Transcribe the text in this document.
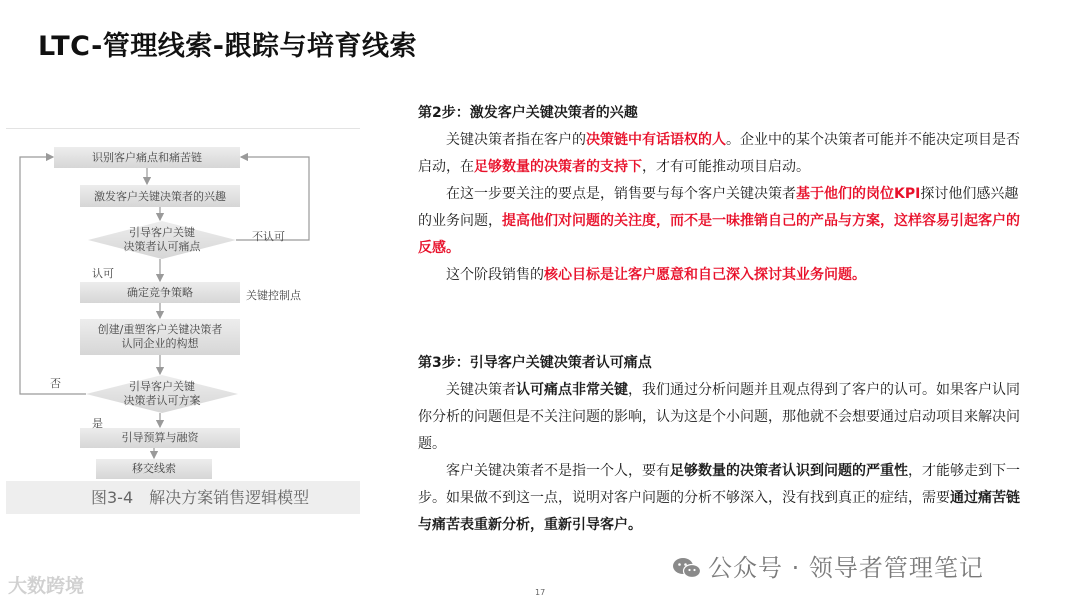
LTC-管理线索-跟踪与培育线索
识别客户痛点和痛苦链
激发客户关键决策者的兴趣
引导客户关键
决策者认可痛点
确定竞争策略
创建/重塑客户关键决策者
认同企业的构想
引导客户关键
决策者认可方案
引导预算与融资
移交线索
不认可
认可
关键控制点
否
是
图3-4　解决方案销售逻辑模型

第2步：激发客户关键决策者的兴趣

关键决策者指在客户的决策链中有话语权的人。企业中的某个决策者可能并不能决定项目是否启动，在足够数量的决策者的支持下，才有可能推动项目启动。

在这一步要关注的要点是，销售要与每个客户关键决策者基于他们的岗位KPI探讨他们感兴趣的业务问题，提高他们对问题的关注度，而不是一味推销自己的产品与方案，这样容易引起客户的反感。

这个阶段销售的核心目标是让客户愿意和自己深入探讨其业务问题。

第3步：引导客户关键决策者认可痛点

关键决策者认可痛点非常关键，我们通过分析问题并且观点得到了客户的认可。如果客户认同你分析的问题但是不关注问题的影响，认为这是个小问题，那他就不会想要通过启动项目来解决问题。

客户关键决策者不是指一个人，要有足够数量的决策者认识到问题的严重性，才能够走到下一步。如果做不到这一点，说明对客户问题的分析不够深入，没有找到真正的症结，需要通过痛苦链与痛苦表重新分析，重新引导客户。

大数跨境	17
公众号 · 领导者管理笔记
